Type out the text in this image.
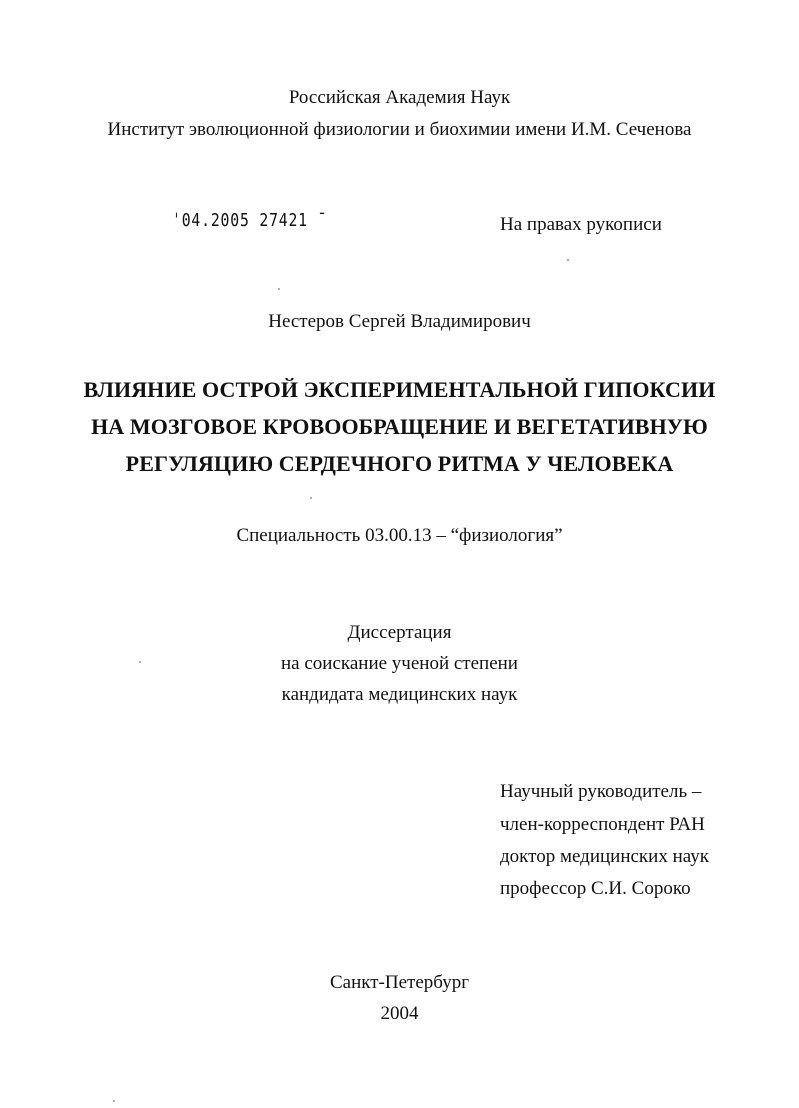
Российская Академия Наук
Институт эволюционной физиологии и биохимии имени И.М. Сеченова
ˈ04.2005 27421 ˉ	На правах рукописи
Нестеров Сергей Владимирович
ВЛИЯНИЕ ОСТРОЙ ЭКСПЕРИМЕНТАЛЬНОЙ ГИПОКСИИ
НА МОЗГОВОЕ КРОВООБРАЩЕНИЕ И ВЕГЕТАТИВНУЮ
РЕГУЛЯЦИЮ СЕРДЕЧНОГО РИТМА У ЧЕЛОВЕКА
Специальность 03.00.13 – “физиология”
Диссертация
на соискание ученой степени
кандидата медицинских наук
Научный руководитель –
член-корреспондент РАН
доктор медицинских наук
профессор С.И. Сороко
Санкт-Петербург
2004
